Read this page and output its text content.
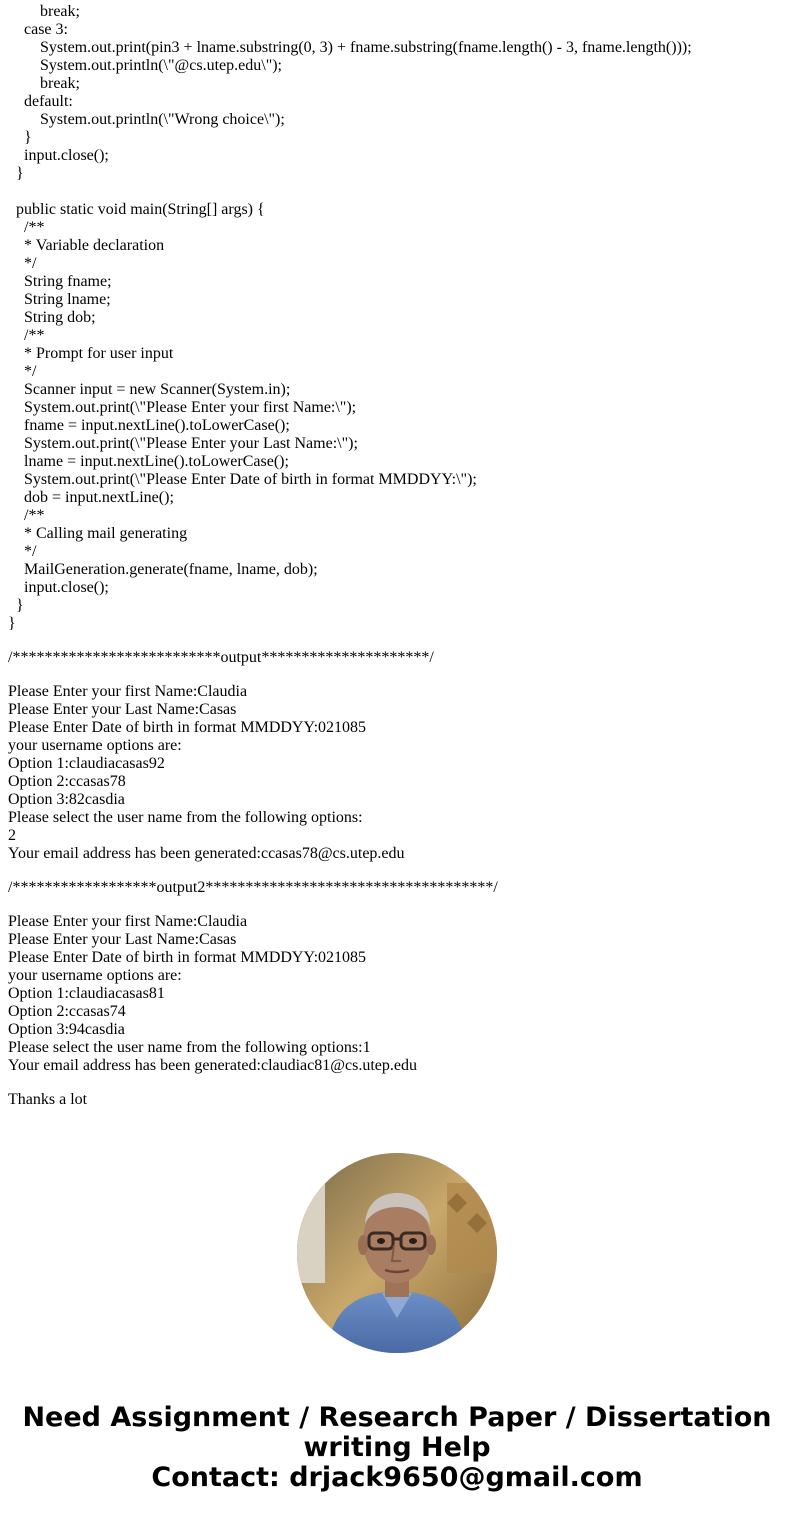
break;
case 3:
System.out.print(pin3 + lname.substring(0, 3) + fname.substring(fname.length() - 3, fname.length()));
System.out.println(\"@cs.utep.edu\");
break;
default:
System.out.println(\"Wrong choice\");
}
input.close();
}
public static void main(String[] args) {
/**
* Variable declaration
*/
String fname;
String lname;
String dob;
/**
* Prompt for user input
*/
Scanner input = new Scanner(System.in);
System.out.print(\"Please Enter your first Name:\");
fname = input.nextLine().toLowerCase();
System.out.print(\"Please Enter your Last Name:\");
lname = input.nextLine().toLowerCase();
System.out.print(\"Please Enter Date of birth in format MMDDYY:\");
dob = input.nextLine();
/**
* Calling mail generating
*/
MailGeneration.generate(fname, lname, dob);
input.close();
}
}
/**************************output*********************/
Please Enter your first Name:Claudia
Please Enter your Last Name:Casas
Please Enter Date of birth in format MMDDYY:021085
your username options are:
Option 1:claudiacasas92
Option 2:ccasas78
Option 3:82casdia
Please select the user name from the following options:
2
Your email address has been generated:ccasas78@cs.utep.edu
/******************output2************************************/
Please Enter your first Name:Claudia
Please Enter your Last Name:Casas
Please Enter Date of birth in format MMDDYY:021085
your username options are:
Option 1:claudiacasas81
Option 2:ccasas74
Option 3:94casdia
Please select the user name from the following options:1
Your email address has been generated:claudiac81@cs.utep.edu
Thanks a lot
Need Assignment / Research Paper / Dissertation
writing Help
Contact: drjack9650@gmail.com
